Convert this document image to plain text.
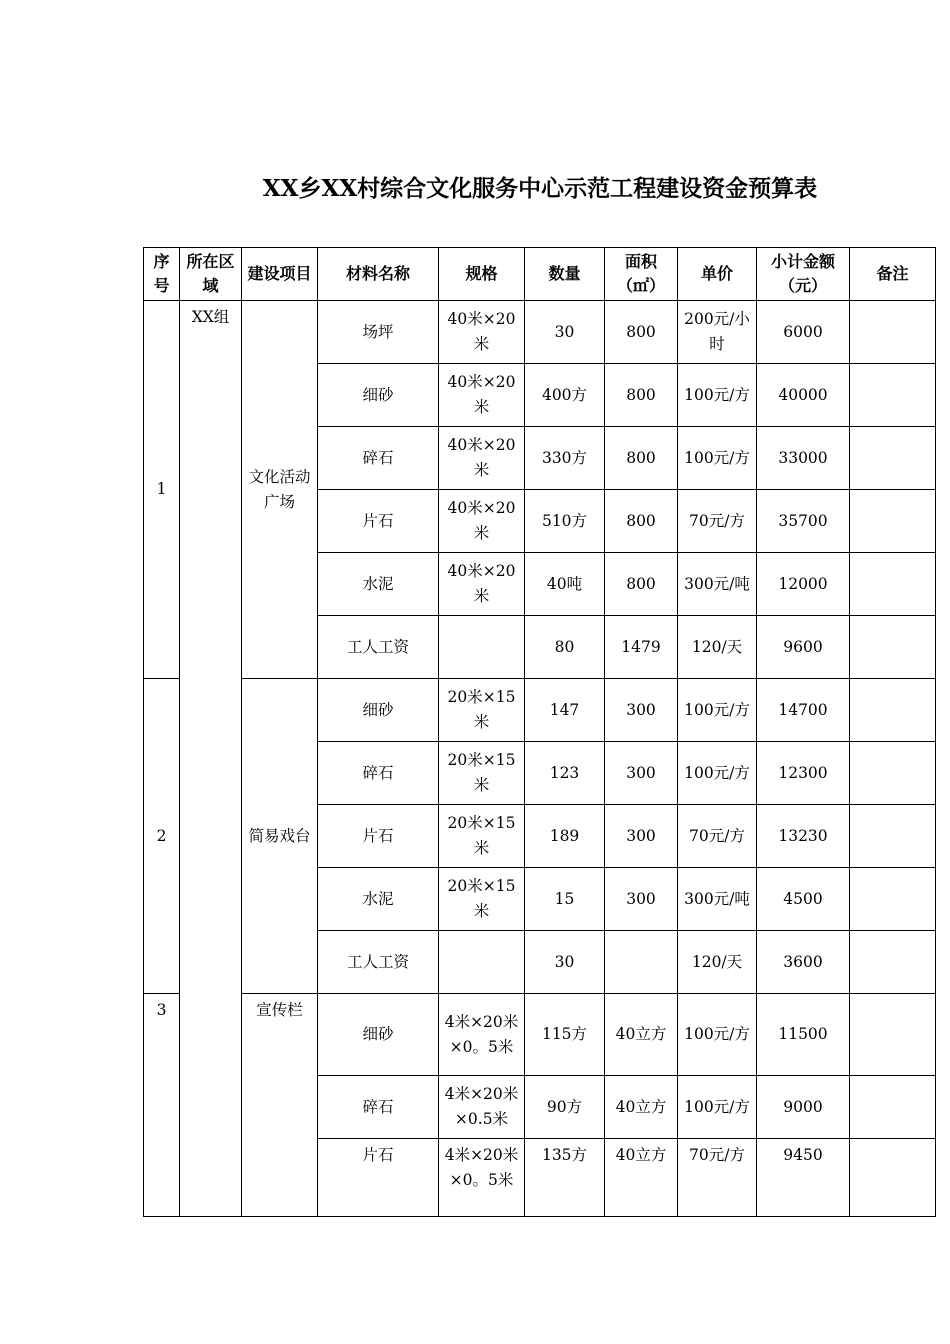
XX乡XX村综合文化服务中心示范工程建设资金预算表
序号	所在区域	建设项目	材料名称	规格	数量	面积（㎡）	单价	小计金额（元）	备注
1	XX组	文化活动广场	场坪	40米×20米	30	800	200元/小时	6000	
			细砂	40米×20米	400方	800	100元/方	40000	
			碎石	40米×20米	330方	800	100元/方	33000	
			片石	40米×20米	510方	800	70元/方	35700	
			水泥	40米×20米	40吨	800	300元/吨	12000	
			工人工资		80	1479	120/天	9600	
2		简易戏台	细砂	20米×15米	147	300	100元/方	14700	
			碎石	20米×15米	123	300	100元/方	12300	
			片石	20米×15米	189	300	70元/方	13230	
			水泥	20米×15米	15	300	300元/吨	4500	
			工人工资		30		120/天	3600	
3		宣传栏	细砂	4米×20米×0。5米	115方	40立方	100元/方	11500	
			碎石	4米×20米×0.5米	90方	40立方	100元/方	9000	
			片石	4米×20米×0。5米	135方	40立方	70元/方	9450	
